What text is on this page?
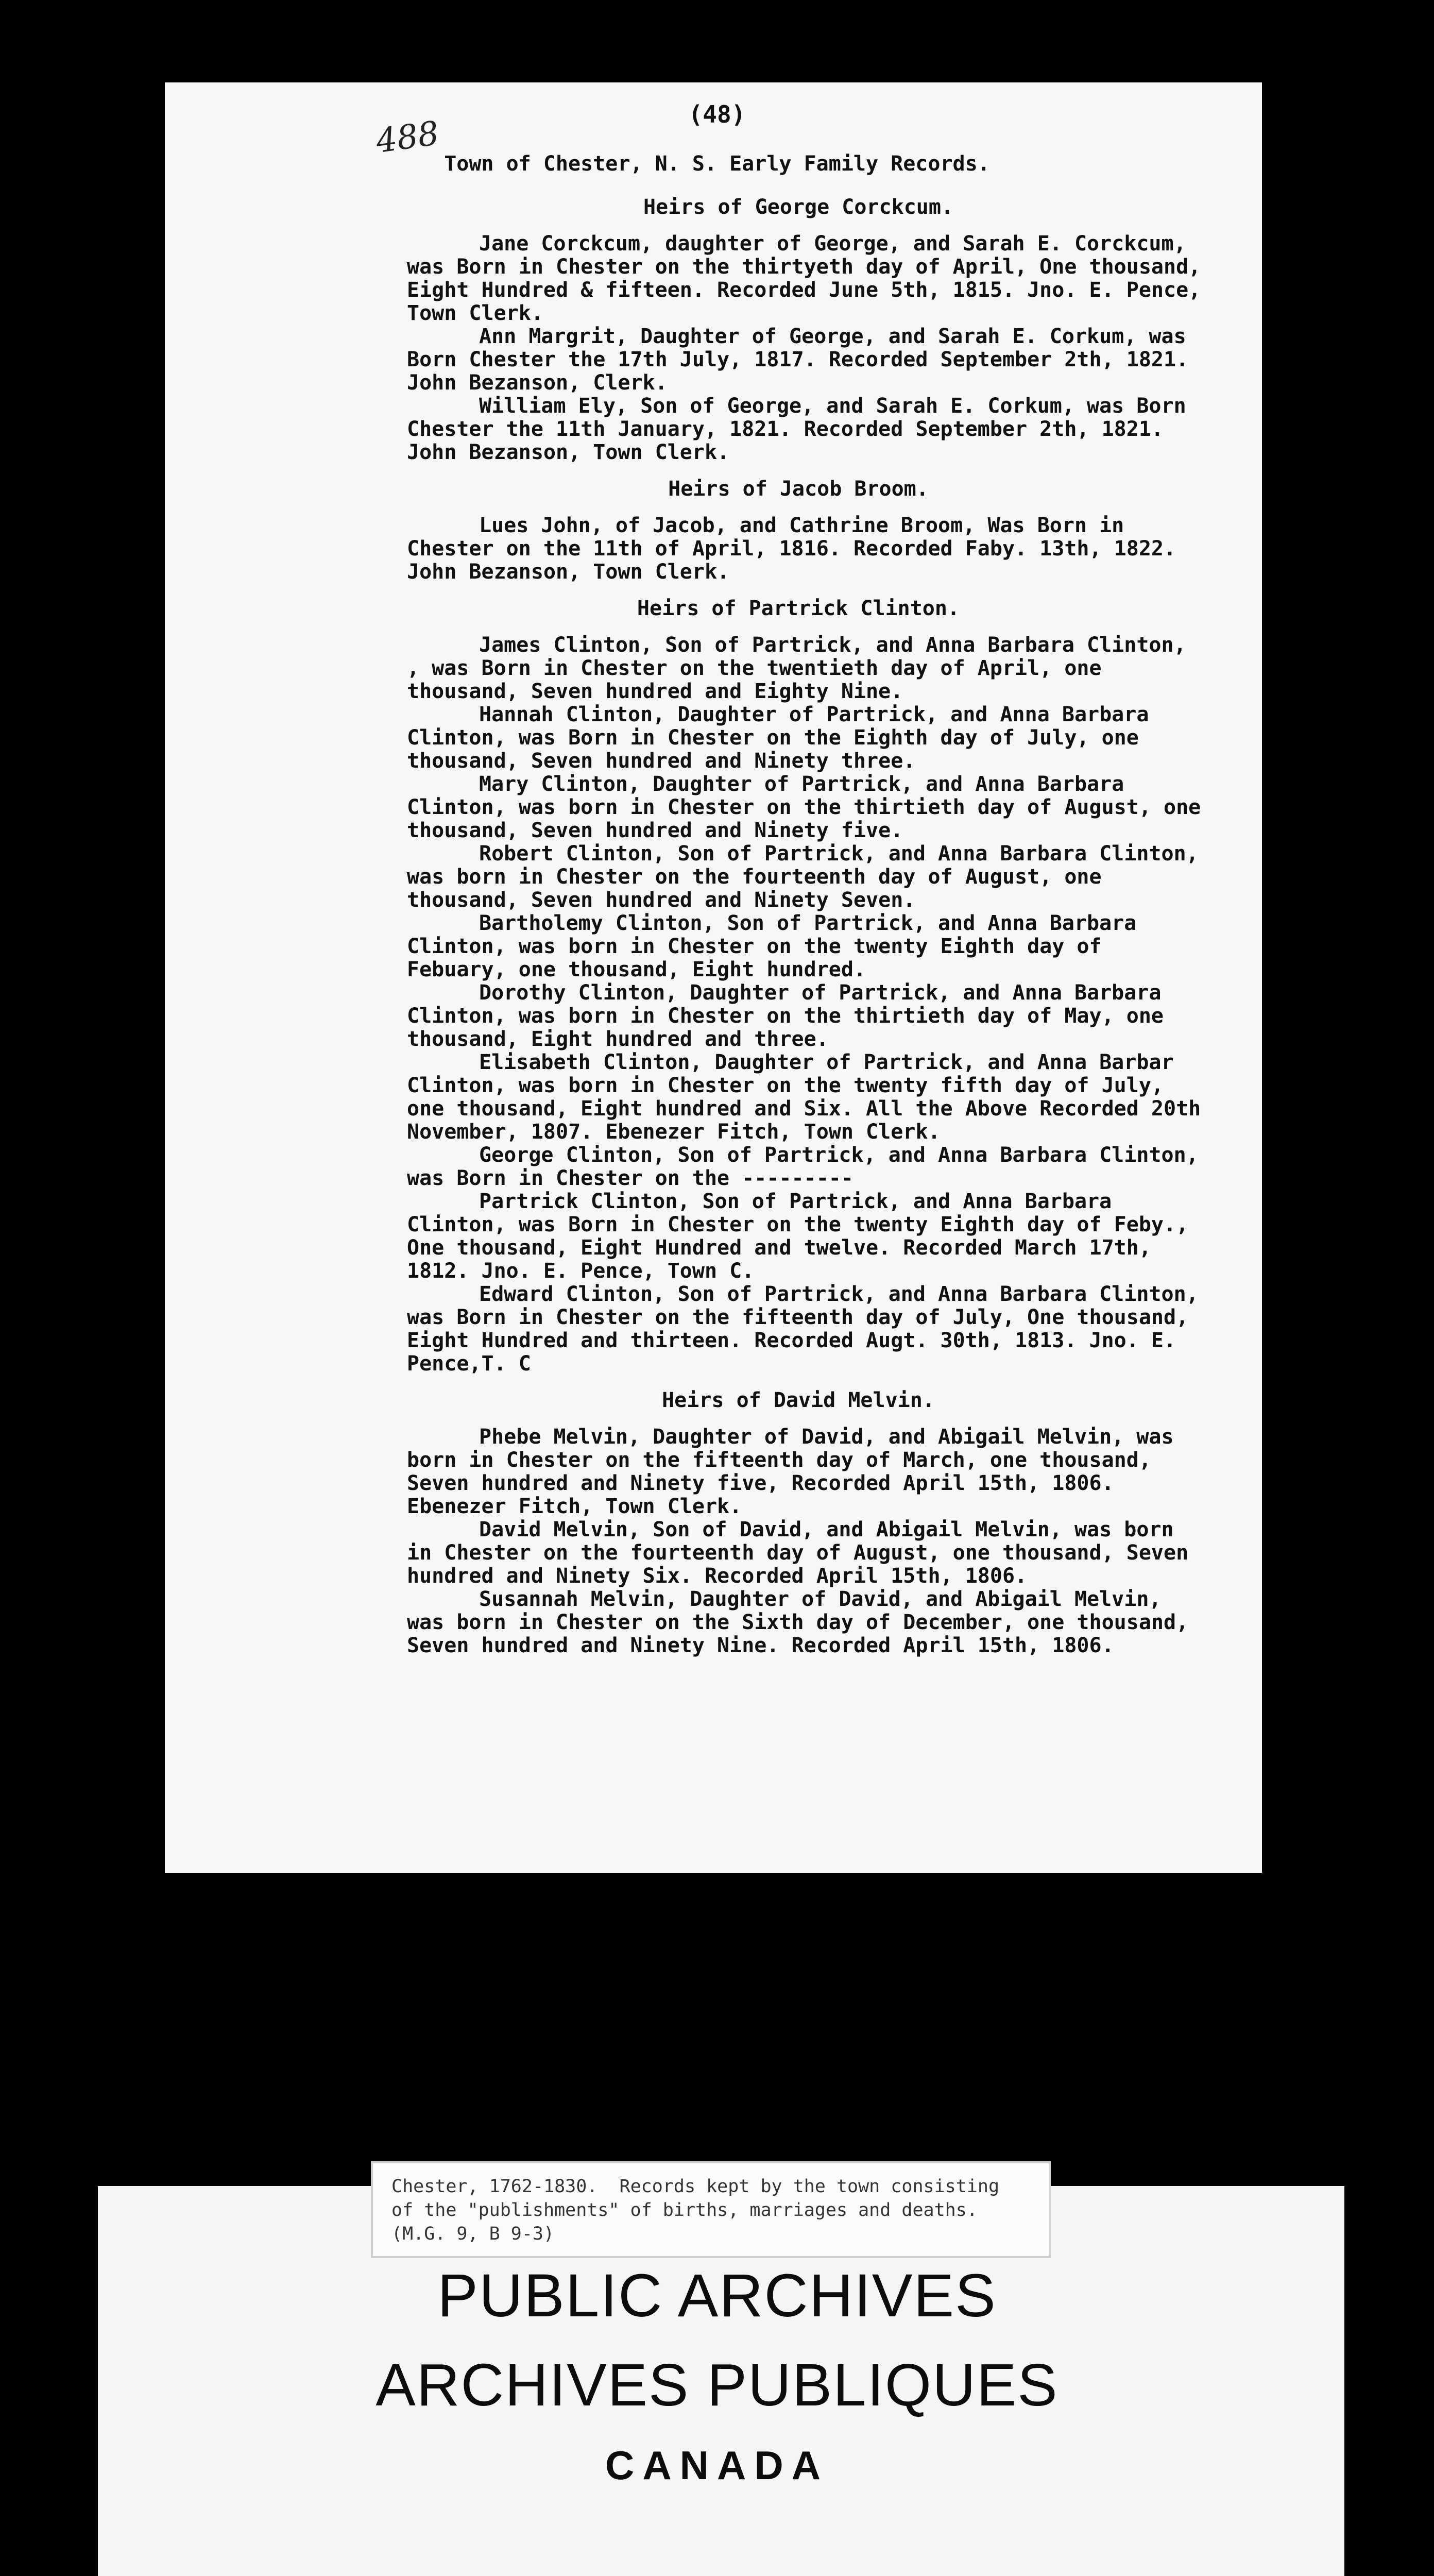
488	(48)
Town of Chester, N. S. Early Family Records.
Heirs of George Corckcum.

Jane Corckcum, daughter of George, and Sarah E. Corckcum, was Born in Chester on the thirtyeth day of April, One thousand, Eight Hundred & fifteen. Recorded June 5th, 1815. Jno. E. Pence, Town Clerk.

Ann Margrit, Daughter of George, and Sarah E. Corkum, was Born Chester the 17th July, 1817. Recorded September 2th, 1821. John Bezanson, Clerk.

William Ely, Son of George, and Sarah E. Corkum, was Born Chester the 11th January, 1821. Recorded September 2th, 1821. John Bezanson, Town Clerk.

Heirs of Jacob Broom.

Lues John, of Jacob, and Cathrine Broom, Was Born in Chester on the 11th of April, 1816. Recorded Faby. 13th, 1822. John Bezanson, Town Clerk.

Heirs of Partrick Clinton.

James Clinton, Son of Partrick, and Anna Barbara Clinton, , was Born in Chester on the twentieth day of April, one thousand, Seven hundred and Eighty Nine.

Hannah Clinton, Daughter of Partrick, and Anna Barbara Clinton, was Born in Chester on the Eighth day of July, one thousand, Seven hundred and Ninety three.

Mary Clinton, Daughter of Partrick, and Anna Barbara Clinton, was born in Chester on the thirtieth day of August, one thousand, Seven hundred and Ninety five.

Robert Clinton, Son of Partrick, and Anna Barbara Clinton, was born in Chester on the fourteenth day of August, one thousand, Seven hundred and Ninety Seven.

Bartholemy Clinton, Son of Partrick, and Anna Barbara Clinton, was born in Chester on the twenty Eighth day of Febuary, one thousand, Eight hundred.

Dorothy Clinton, Daughter of Partrick, and Anna Barbara Clinton, was born in Chester on the thirtieth day of May, one thousand, Eight hundred and three.

Elisabeth Clinton, Daughter of Partrick, and Anna Barbar Clinton, was born in Chester on the twenty fifth day of July, one thousand, Eight hundred and Six. All the Above Recorded 20th November, 1807. Ebenezer Fitch, Town Clerk.

George Clinton, Son of Partrick, and Anna Barbara Clinton, was Born in Chester on the ---------

Partrick Clinton, Son of Partrick, and Anna Barbara Clinton, was Born in Chester on the twenty Eighth day of Feby., One thousand, Eight Hundred and twelve. Recorded March 17th, 1812. Jno. E. Pence, Town C.

Edward Clinton, Son of Partrick, and Anna Barbara Clinton, was Born in Chester on the fifteenth day of July, One thousand, Eight Hundred and thirteen. Recorded Augt. 30th, 1813. Jno. E. Pence,T. C

Heirs of David Melvin.

Phebe Melvin, Daughter of David, and Abigail Melvin, was born in Chester on the fifteenth day of March, one thousand, Seven hundred and Ninety five, Recorded April 15th, 1806. Ebenezer Fitch, Town Clerk.

David Melvin, Son of David, and Abigail Melvin, was born in Chester on the fourteenth day of August, one thousand, Seven hundred and Ninety Six. Recorded April 15th, 1806.

Susannah Melvin, Daughter of David, and Abigail Melvin, was born in Chester on the Sixth day of December, one thousand, Seven hundred and Ninety Nine. Recorded April 15th, 1806.

Chester, 1762-1830.  Records kept by the town consisting
of the "publishments" of births, marriages and deaths.
(M.G. 9, B 9-3)
PUBLIC ARCHIVES
ARCHIVES PUBLIQUES
CANADA
